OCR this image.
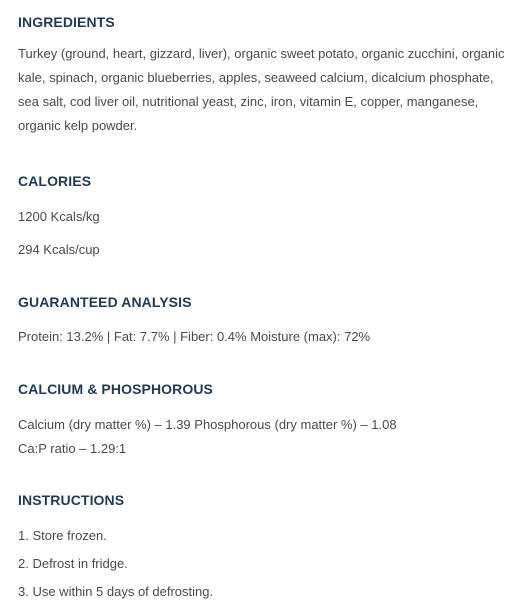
INGREDIENTS
Turkey (ground, heart, gizzard, liver), organic sweet potato, organic zucchini, organic
kale, spinach, organic blueberries, apples, seaweed calcium, dicalcium phosphate,
sea salt, cod liver oil, nutritional yeast, zinc, iron, vitamin E, copper, manganese,
organic kelp powder.
CALORIES

1200 Kcals/kg

294 Kcals/cup

GUARANTEED ANALYSIS

Protein: 13.2% | Fat: 7.7% | Fiber: 0.4% Moisture (max): 72%

CALCIUM & PHOSPHOROUS

Calcium (dry matter %) – 1.39 Phosphorous (dry matter %) – 1.08

Ca:P ratio – 1.29:1

INSTRUCTIONS

1. Store frozen.

2. Defrost in fridge.

3. Use within 5 days of defrosting.
